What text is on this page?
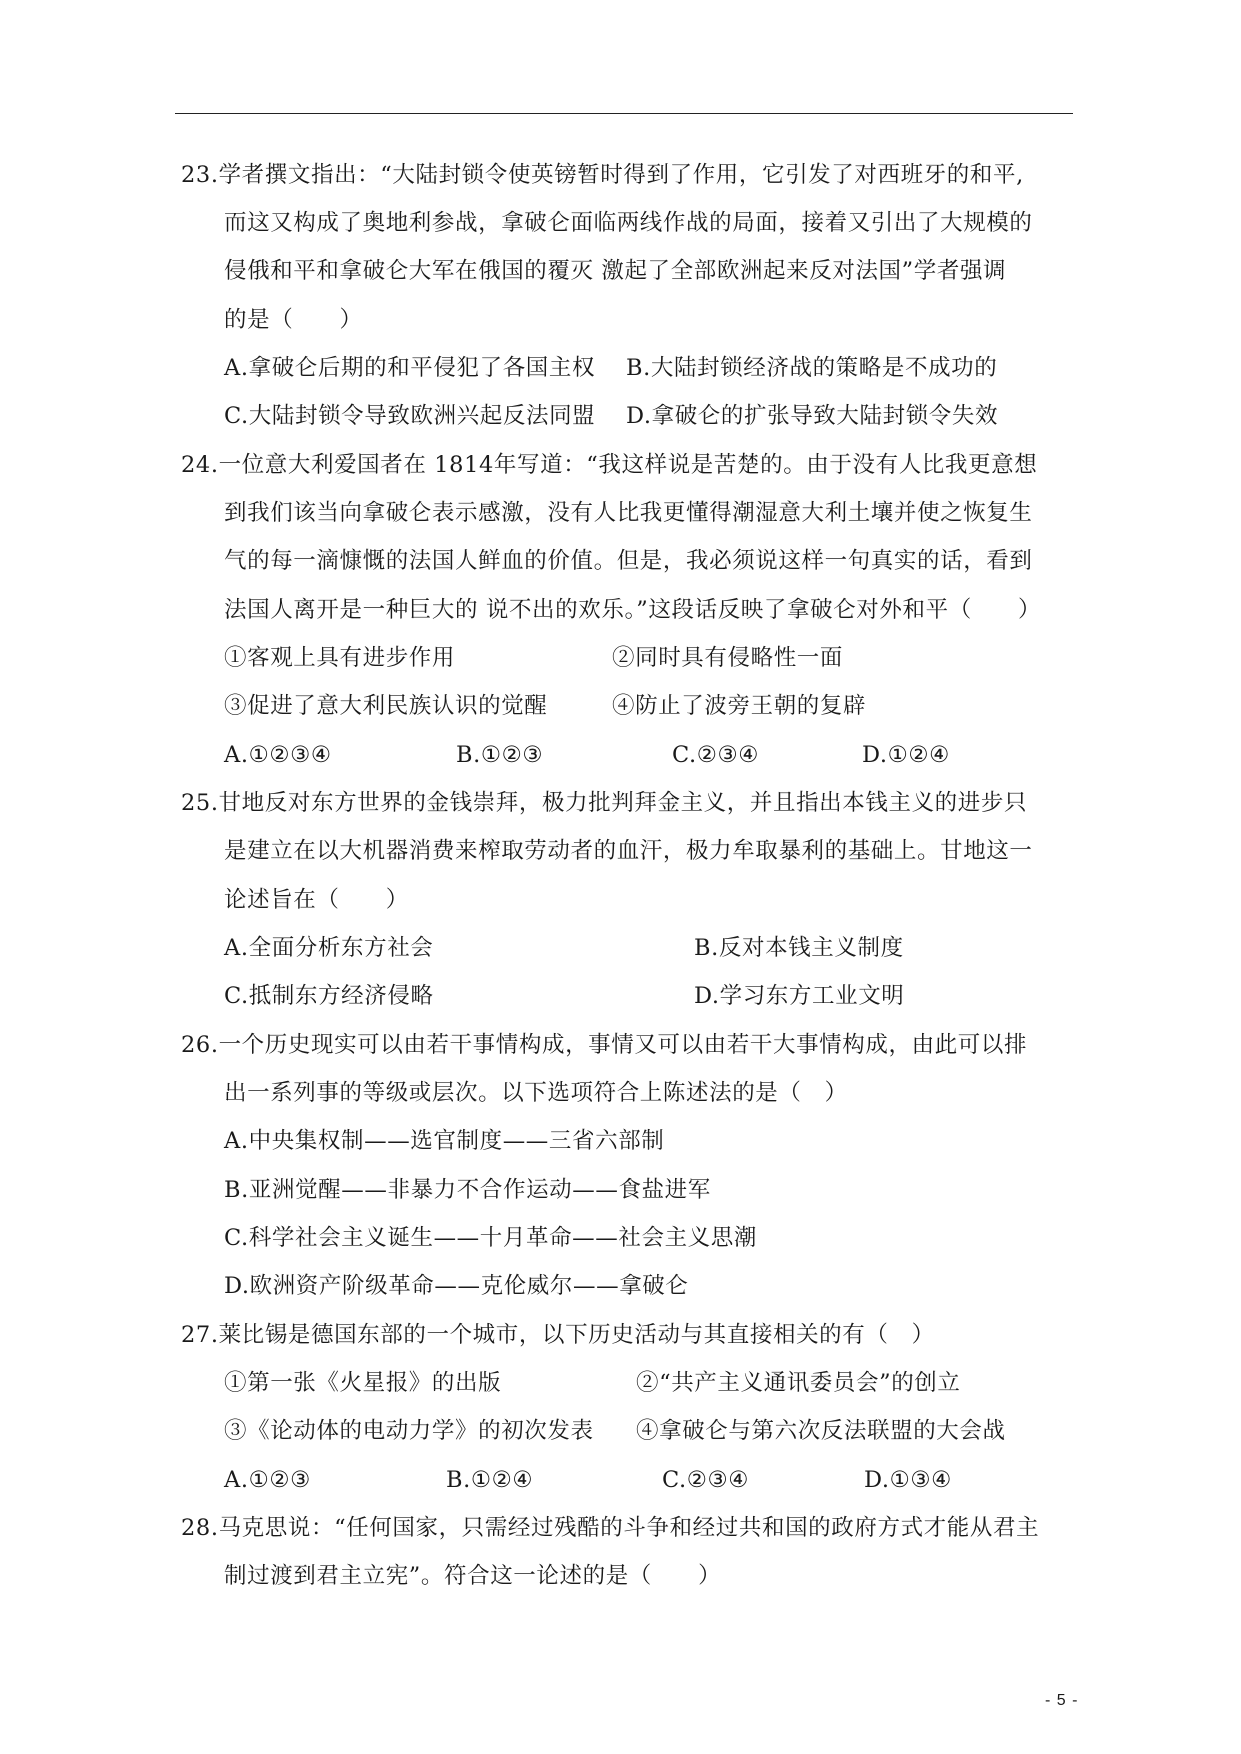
23.学者撰文指出：“大陆封锁令使英镑暂时得到了作用，它引发了对西班牙的和平,
而这又构成了奥地利参战，拿破仑面临两线作战的局面，接着又引出了大规模的
侵俄和平和拿破仑大军在俄国的覆灭 激起了全部欧洲起来反对法国”学者强调
的是（　　）
A.拿破仑后期的和平侵犯了各国主权 B.大陆封锁经济战的策略是不成功的
C.大陆封锁令导致欧洲兴起反法同盟 D.拿破仑的扩张导致大陆封锁令失效
24.一位意大利爱国者在 1814年写道：“我这样说是苦楚的。由于没有人比我更意想
到我们该当向拿破仑表示感激，没有人比我更懂得潮湿意大利土壤并使之恢复生
气的每一滴慷慨的法国人鲜血的价值。但是，我必须说这样一句真实的话，看到
法国人离开是一种巨大的 说不出的欢乐。”这段话反映了拿破仑对外和平（　　）
①客观上具有进步作用	②同时具有侵略性一面
③促进了意大利民族认识的觉醒	④防止了波旁王朝的复辟
A.①②③④	B.①②③	C.②③④	D.①②④
25.甘地反对东方世界的金钱崇拜，极力批判拜金主义，并且指出本钱主义的进步只
是建立在以大机器消费来榨取劳动者的血汗，极力牟取暴利的基础上。甘地这一
论述旨在（　　）
A.全面分析东方社会	B.反对本钱主义制度
C.抵制东方经济侵略	D.学习东方工业文明
26.一个历史现实可以由若干事情构成，事情又可以由若干大事情构成，由此可以排
出一系列事的等级或层次。以下选项符合上陈述法的是（　）
A.中央集权制——选官制度——三省六部制
B.亚洲觉醒——非暴力不合作运动——食盐进军
C.科学社会主义诞生——十月革命——社会主义思潮
D.欧洲资产阶级革命——克伦威尔——拿破仑
27.莱比锡是德国东部的一个城市，以下历史活动与其直接相关的有（　）
①第一张《火星报》的出版	②“共产主义通讯委员会”的创立
③《论动体的电动力学》的初次发表 ④拿破仑与第六次反法联盟的大会战
A.①②③	B.①②④	C.②③④	D.①③④
28.马克思说：“任何国家，只需经过残酷的斗争和经过共和国的政府方式才能从君主
制过渡到君主立宪”。符合这一论述的是（　　）
- 5 -
